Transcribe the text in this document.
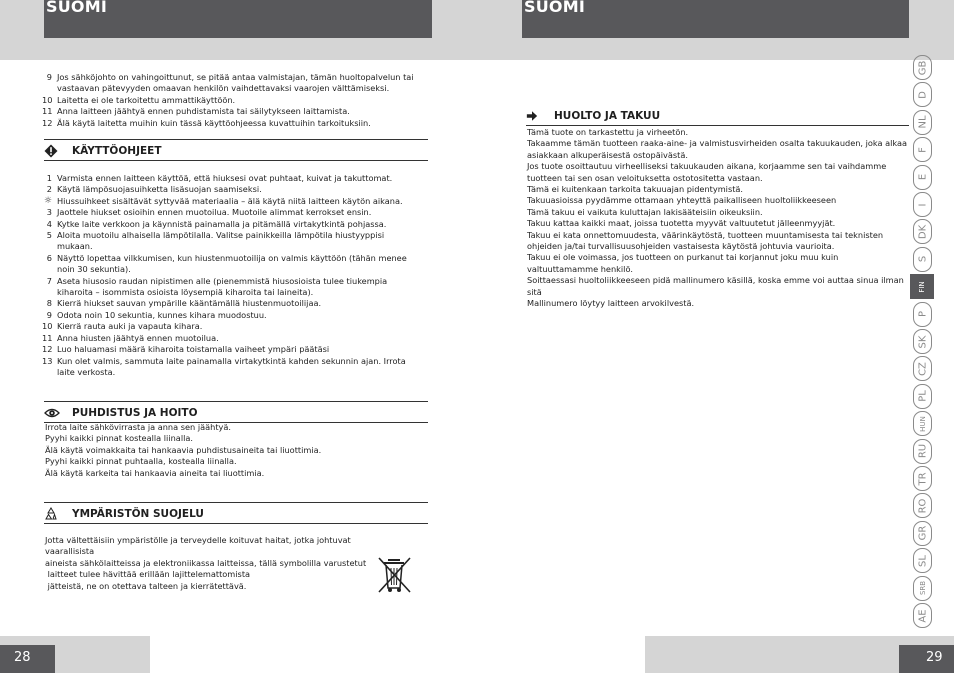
SUOMI	SUOMI
28	29
9 Jos sähköjohto on vahingoittunut, se pitää antaa valmistajan, tämän huoltopalvelun tai vastaavan pätevyyden omaavan henkilön vaihdettavaksi vaarojen välttämiseksi.
10 Laitetta ei ole tarkoitettu ammattikäyttöön.
11 Anna laitteen jäähtyä ennen puhdistamista tai säilytykseen laittamista.
12 Älä käytä laitetta muihin kuin tässä käyttöohjeessa kuvattuihin tarkoituksiin.
KÄYTTÖOHJEET
1 Varmista ennen laitteen käyttöä, että hiuksesi ovat puhtaat, kuivat ja takuttomat.
2 Käytä lämpösuojasuihketta lisäsuojan saamiseksi.
☼ Hiussuihkeet sisältävät syttyvää materiaalia – älä käytä niitä laitteen käytön aikana.
3 Jaottele hiukset osioihin ennen muotoilua. Muotoile alimmat kerrokset ensin.
4 Kytke laite verkkoon ja käynnistä painamalla ja pitämällä virtakytkintä pohjassa.
5 Aloita muotoilu alhaisella lämpötilalla. Valitse painikkeilla lämpötila hiustyyppisi mukaan.
6 Näyttö lopettaa vilkkumisen, kun hiustenmuotoilija on valmis käyttöön (tähän menee noin 30 sekuntia).
7 Aseta hiusosio raudan nipistimen alle (pienemmistä hiusosioista tulee tiukempia kiharoita – isommista osioista löysempiä kiharoita tai laineita).
8 Kierrä hiukset sauvan ympärille kääntämällä hiustenmuotoilijaa.
9 Odota noin 10 sekuntia, kunnes kihara muodostuu.
10 Kierrä rauta auki ja vapauta kihara.
11 Anna hiusten jäähtyä ennen muotoilua.
12 Luo haluamasi määrä kiharoita toistamalla vaiheet ympäri päätäsi
13 Kun olet valmis, sammuta laite painamalla virtakytkintä kahden sekunnin ajan. Irrota laite verkosta.
PUHDISTUS JA HOITO
Irrota laite sähkövirrasta ja anna sen jäähtyä.
Pyyhi kaikki pinnat kostealla liinalla.
Älä käytä voimakkaita tai hankaavia puhdistusaineita tai liuottimia.
Pyyhi kaikki pinnat puhtaalla, kostealla liinalla.
Älä käytä karkeita tai hankaavia aineita tai liuottimia.
YMPÄRISTÖN SUOJELU
Jotta vältettäisiin ympäristölle ja terveydelle koituvat haitat, jotka johtuvat vaarallisista
aineista sähkölaitteissa ja elektroniikassa laitteissa, tällä symbolilla varustetut
laitteet tulee hävittää erillään lajittelemattomista
jätteistä, ne on otettava talteen ja kierrätettävä.
HUOLTO JA TAKUU
Tämä tuote on tarkastettu ja virheetön.
Takaamme tämän tuotteen raaka-aine- ja valmistusvirheiden osalta takuukauden, joka alkaa
asiakkaan alkuperäisestä ostopäivästä.
Jos tuote osoittautuu virheelliseksi takuukauden aikana, korjaamme sen tai vaihdamme
tuotteen tai sen osan veloituksetta ostotositetta vastaan.
Tämä ei kuitenkaan tarkoita takuuajan pidentymistä.
Takuuasioissa pyydämme ottamaan yhteyttä paikalliseen huoltoliikkeeseen
Tämä takuu ei vaikuta kuluttajan lakisääteisiin oikeuksiin.
Takuu kattaa kaikki maat, joissa tuotetta myyvät valtuutetut jälleenmyyjät.
Takuu ei kata onnettomuudesta, väärinkäytöstä, tuotteen muuntamisesta tai teknisten
ohjeiden ja/tai turvallisuusohjeiden vastaisesta käytöstä johtuvia vaurioita.
Takuu ei ole voimassa, jos tuotteen on purkanut tai korjannut joku muu kuin
valtuuttamamme henkilö.
Soittaessasi huoltoliikkeeseen pidä mallinumero käsillä, koska emme voi auttaa sinua ilman
sitä
Mallinumero löytyy laitteen arvokilvestä.
GB
D
NL
F
E
I
DK
S
FIN
P
SK
CZ
PL
HUN
RU
TR
RO
GR
SL
SRB
AE
